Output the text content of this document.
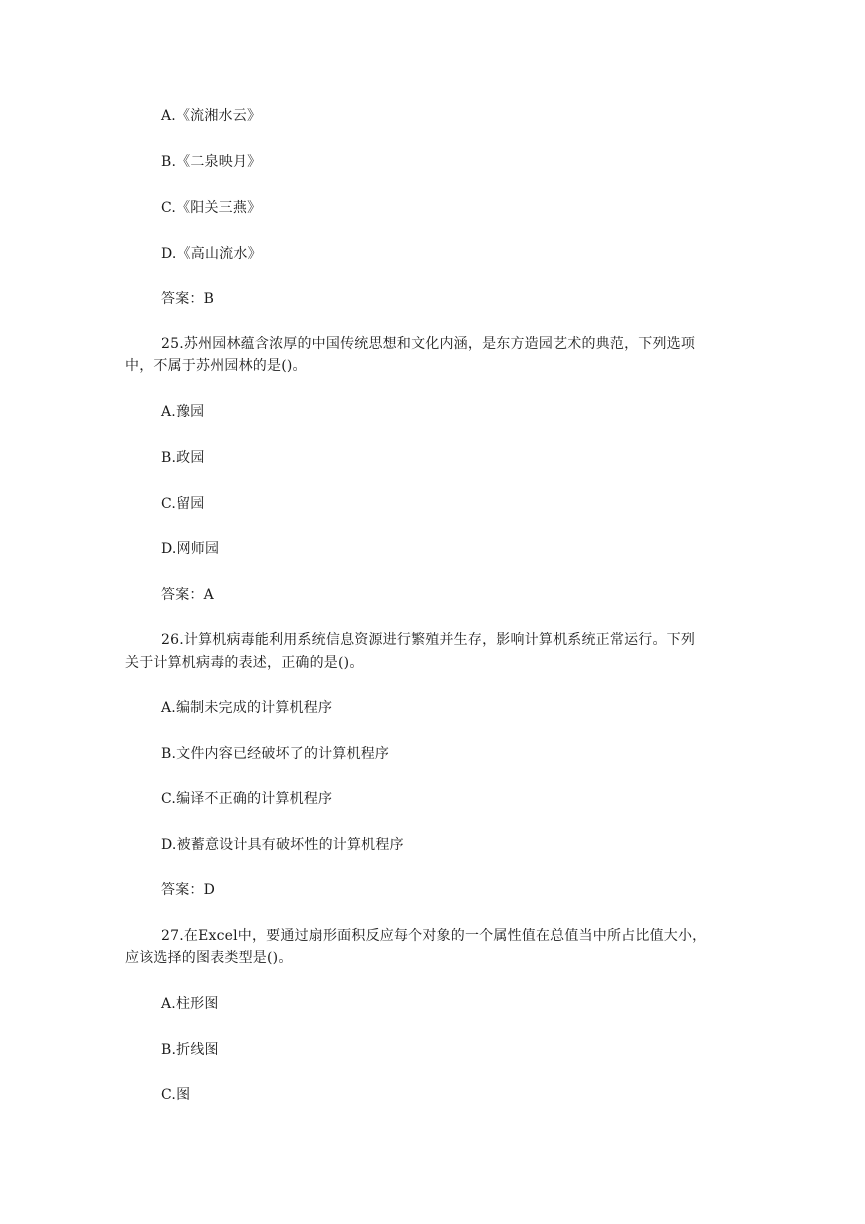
A.《流湘水云》
B.《二泉映月》
C.《阳关三燕》
D.《高山流水》
答案：B
25.苏州园林蕴含浓厚的中国传统思想和文化内涵，是东方造园艺术的典范，下列选项
中，不属于苏州园林的是()。
A.豫园
B.政园
C.留园
D.网师园
答案：A
26.计算机病毒能利用系统信息资源进行繁殖并生存，影响计算机系统正常运行。下列
关于计算机病毒的表述，正确的是()。
A.编制未完成的计算机程序
B.文件内容已经破坏了的计算机程序
C.编译不正确的计算机程序
D.被蓄意设计具有破坏性的计算机程序
答案：D
27.在Excel中，要通过扇形面积反应每个对象的一个属性值在总值当中所占比值大小，
应该选择的图表类型是()。
A.柱形图
B.折线图
C.图
